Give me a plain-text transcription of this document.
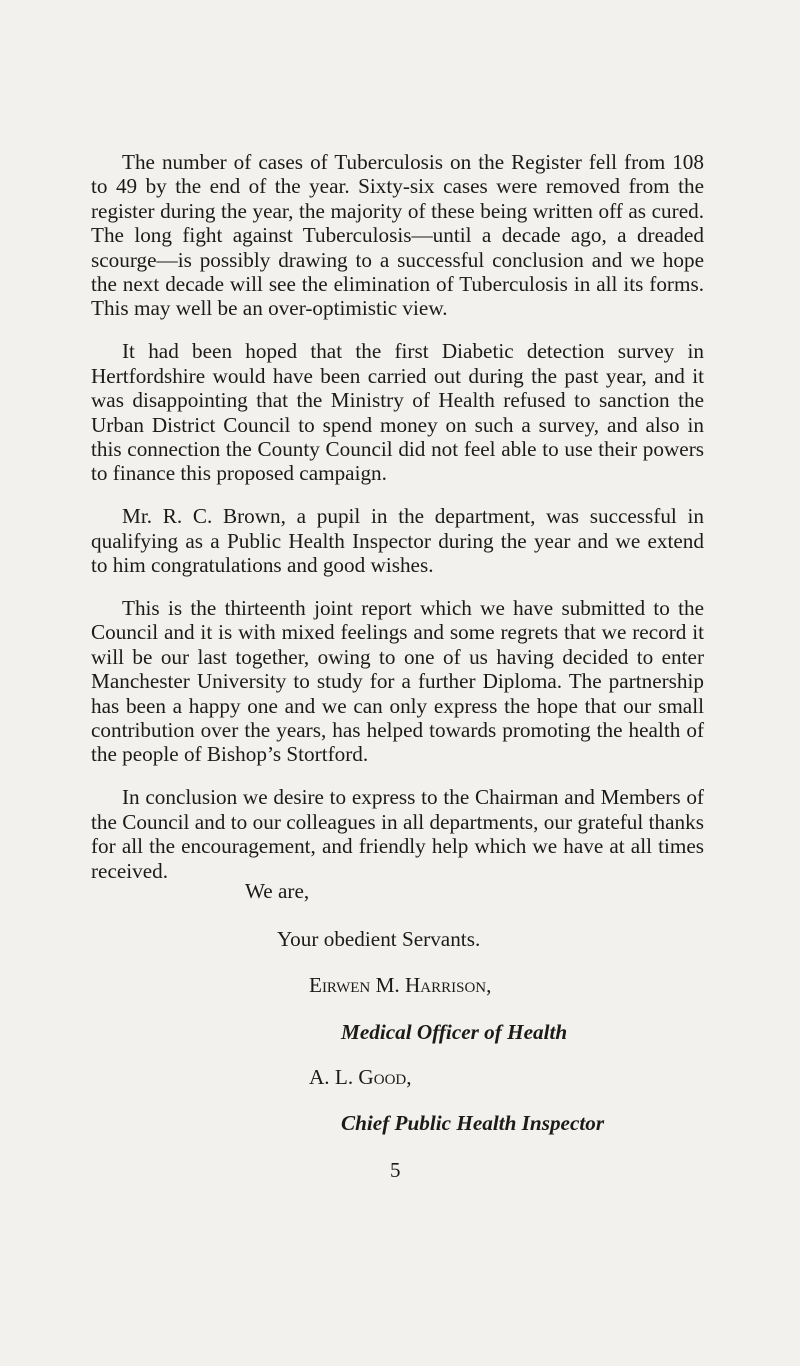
The number of cases of Tuberculosis on the Register fell from 108 to 49 by the end of the year. Sixty-six cases were removed from the register during the year, the majority of these being written off as cured. The long fight against Tuberculosis—until a decade ago, a dreaded scourge—is possibly drawing to a successful conclusion and we hope the next decade will see the elimination of Tuberculosis in all its forms. This may well be an over-optimistic view.

It had been hoped that the first Diabetic detection survey in Hertfordshire would have been carried out during the past year, and it was disappointing that the Ministry of Health refused to sanction the Urban District Council to spend money on such a survey, and also in this connection the County Council did not feel able to use their powers to finance this proposed campaign.

Mr. R. C. Brown, a pupil in the department, was successful in qualifying as a Public Health Inspector during the year and we extend to him congratulations and good wishes.

This is the thirteenth joint report which we have submitted to the Council and it is with mixed feelings and some regrets that we record it will be our last together, owing to one of us having decided to enter Manchester University to study for a further Diploma. The partnership has been a happy one and we can only express the hope that our small contribution over the years, has helped towards promoting the health of the people of Bishop’s Stortford.

In conclusion we desire to express to the Chairman and Members of the Council and to our colleagues in all departments, our grateful thanks for all the encouragement, and friendly help which we have at all times received.

We are,
Your obedient Servants.
Eirwen M. Harrison,
Medical Officer of Health
A. L. Good,
Chief Public Health Inspector
5
